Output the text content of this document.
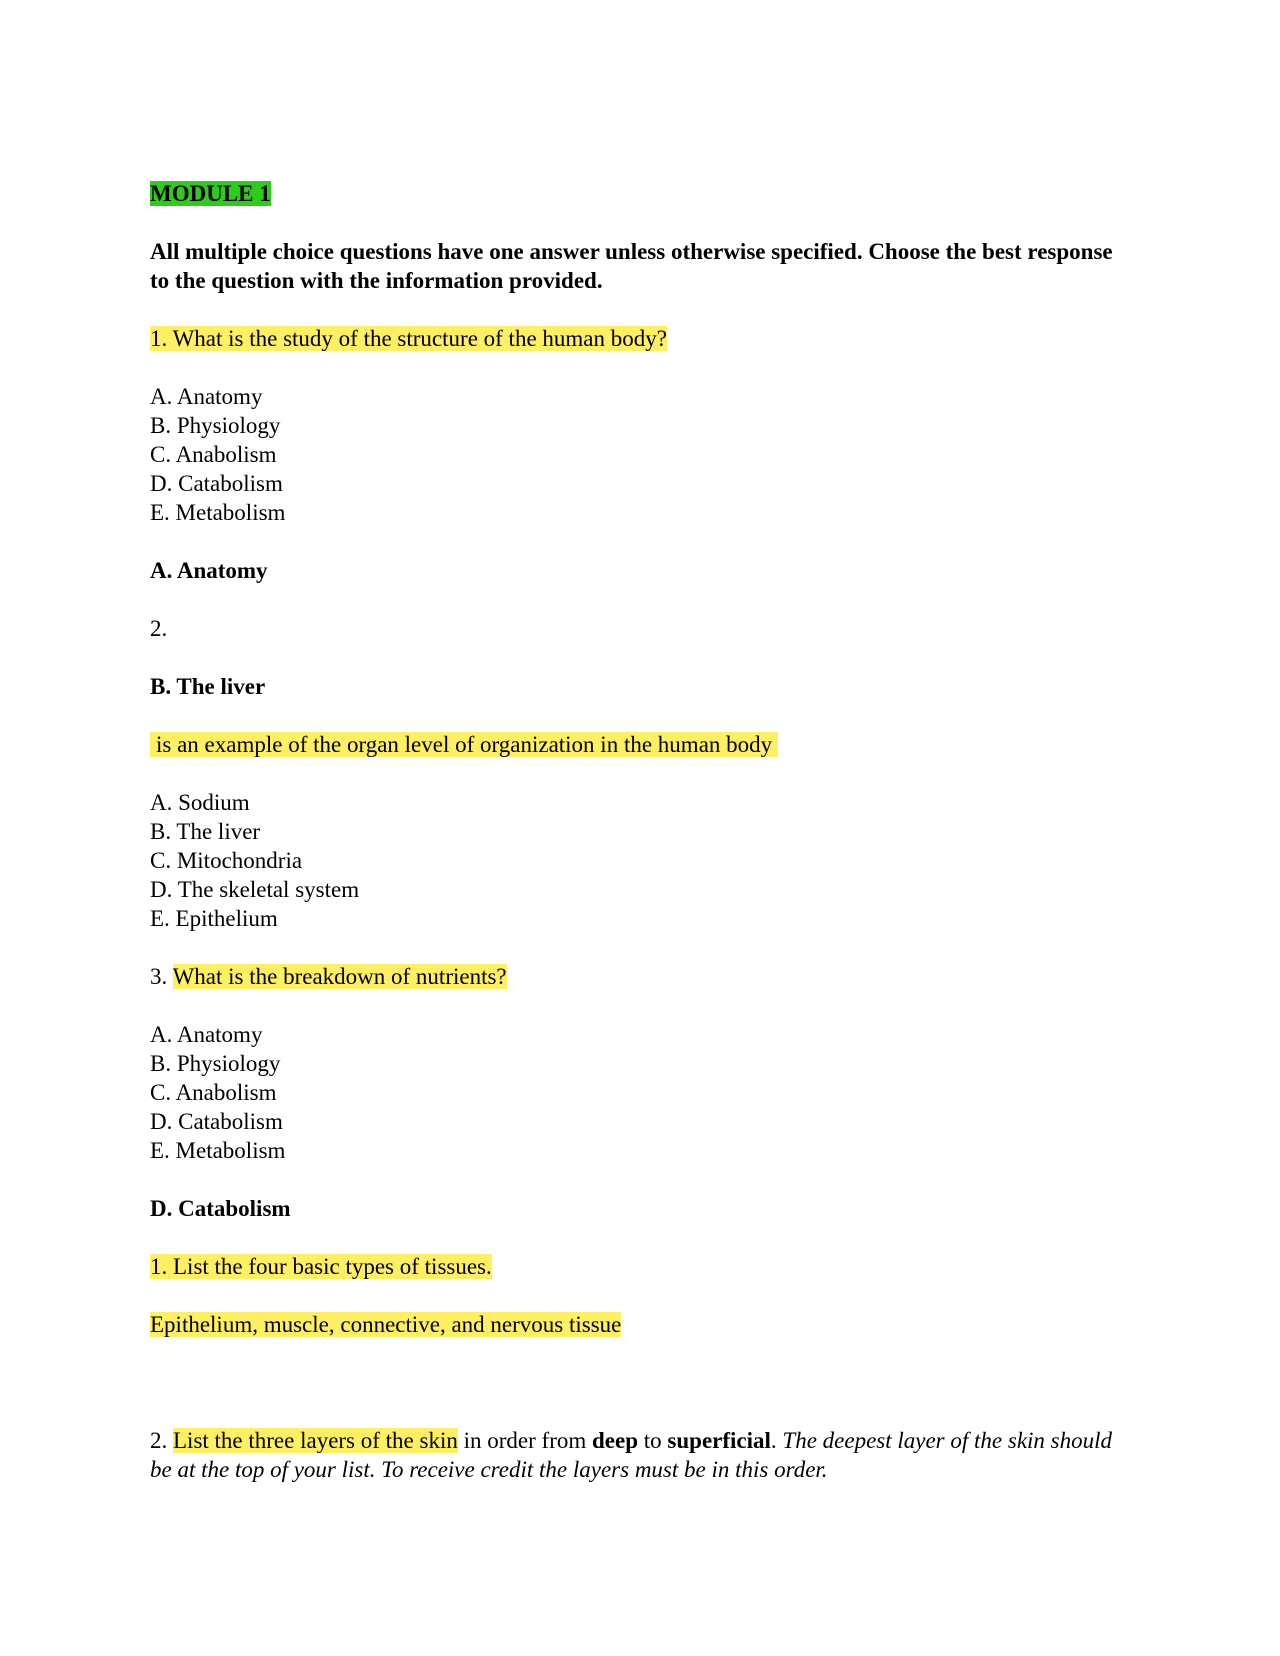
MODULE 1

All multiple choice questions have one answer unless otherwise specified. Choose the best response to the question with the information provided.

1. What is the study of the structure of the human body?

A. Anatomy

B. Physiology

C. Anabolism

D. Catabolism

E. Metabolism

A. Anatomy

2.

B. The liver

is an example of the organ level of organization in the human body

A. Sodium

B. The liver

C. Mitochondria

D. The skeletal system

E. Epithelium

3. What is the breakdown of nutrients?

A. Anatomy

B. Physiology

C. Anabolism

D. Catabolism

E. Metabolism

D. Catabolism

1. List the four basic types of tissues.

Epithelium, muscle, connective, and nervous tissue

2. List the three layers of the skin in order from deep to superficial. The deepest layer of the skin should be at the top of your list. To receive credit the layers must be in this order.
